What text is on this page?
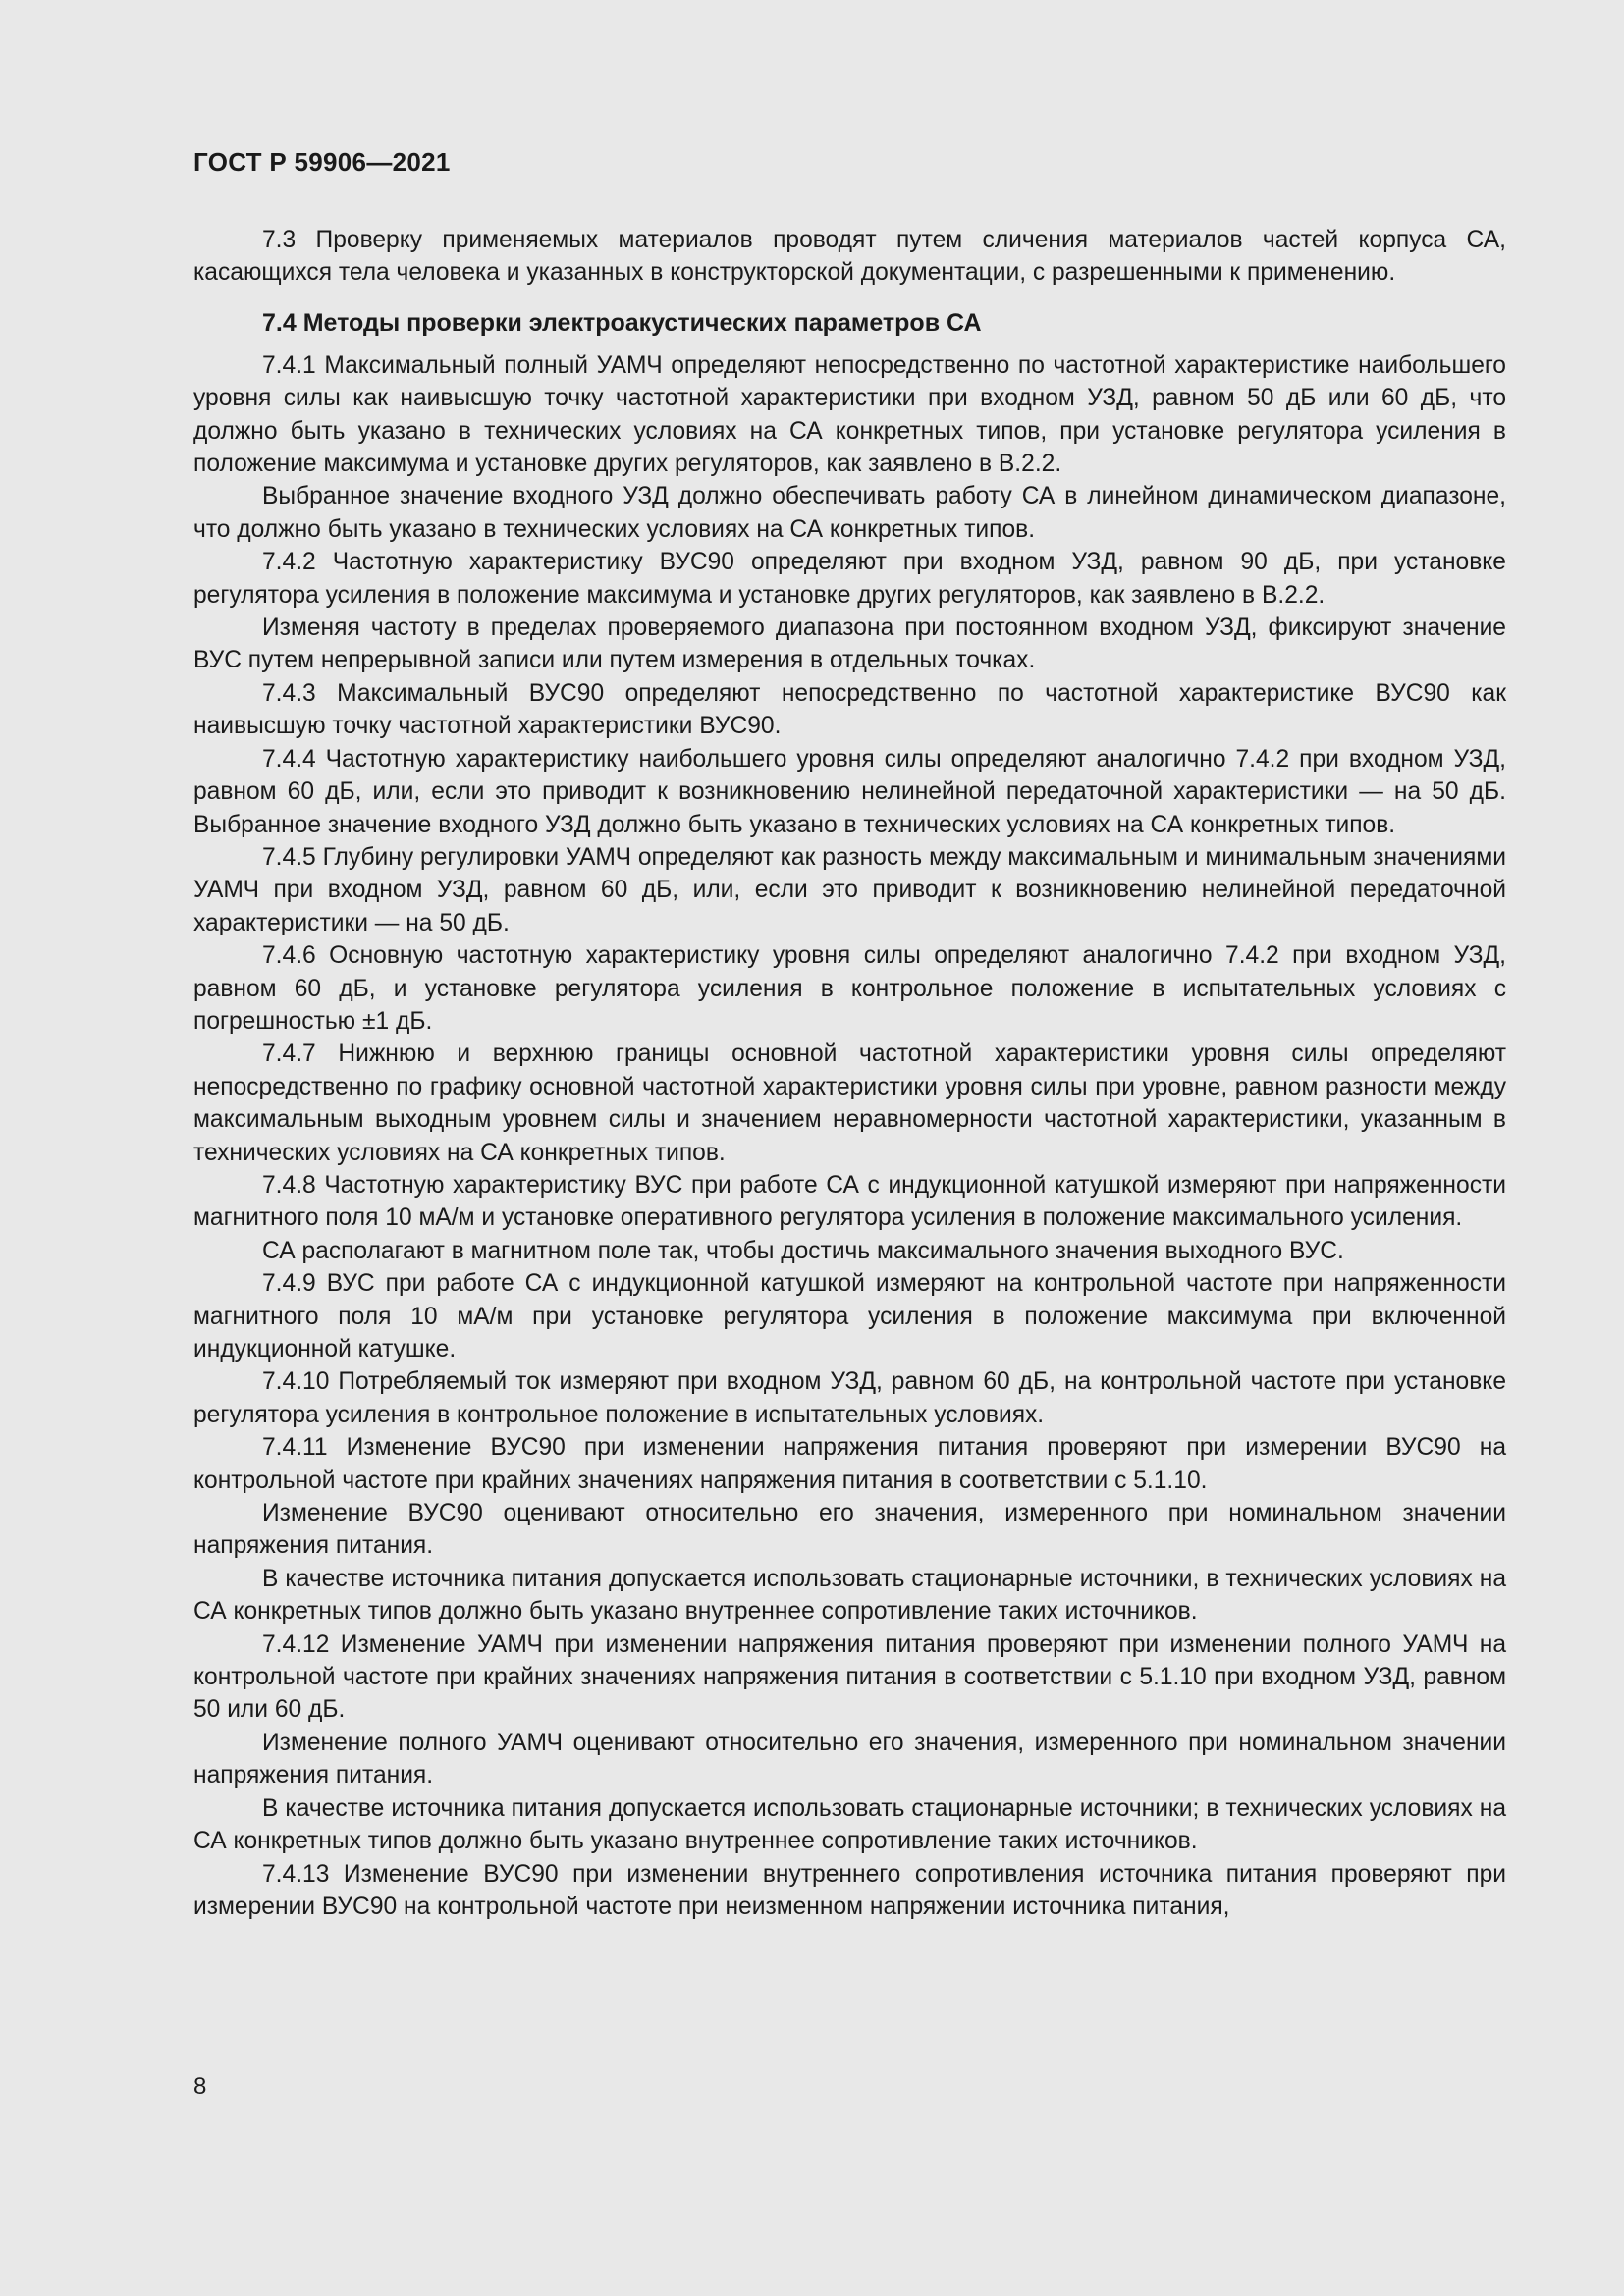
ГОСТ Р 59906—2021

7.3 Проверку применяемых материалов проводят путем сличения материалов частей корпуса СА, касающихся тела человека и указанных в конструкторской документации, с разрешенными к применению.

7.4 Методы проверки электроакустических параметров СА

7.4.1 Максимальный полный УАМЧ определяют непосредственно по частотной характеристике наибольшего уровня силы как наивысшую точку частотной характеристики при входном УЗД, равном 50 дБ или 60 дБ, что должно быть указано в технических условиях на СА конкретных типов, при установке регулятора усиления в положение максимума и установке других регуляторов, как заявлено в В.2.2.

Выбранное значение входного УЗД должно обеспечивать работу СА в линейном динамическом диапазоне, что должно быть указано в технических условиях на СА конкретных типов.

7.4.2 Частотную характеристику ВУС90 определяют при входном УЗД, равном 90 дБ, при установке регулятора усиления в положение максимума и установке других регуляторов, как заявлено в В.2.2.

Изменяя частоту в пределах проверяемого диапазона при постоянном входном УЗД, фиксируют значение ВУС путем непрерывной записи или путем измерения в отдельных точках.

7.4.3 Максимальный ВУС90 определяют непосредственно по частотной характеристике ВУС90 как наивысшую точку частотной характеристики ВУС90.

7.4.4 Частотную характеристику наибольшего уровня силы определяют аналогично 7.4.2 при входном УЗД, равном 60 дБ, или, если это приводит к возникновению нелинейной передаточной характеристики — на 50 дБ. Выбранное значение входного УЗД должно быть указано в технических условиях на СА конкретных типов.

7.4.5 Глубину регулировки УАМЧ определяют как разность между максимальным и минимальным значениями УАМЧ при входном УЗД, равном 60 дБ, или, если это приводит к возникновению нелинейной передаточной характеристики — на 50 дБ.

7.4.6 Основную частотную характеристику уровня силы определяют аналогично 7.4.2 при входном УЗД, равном 60 дБ, и установке регулятора усиления в контрольное положение в испытательных условиях с погрешностью ±1 дБ.

7.4.7 Нижнюю и верхнюю границы основной частотной характеристики уровня силы определяют непосредственно по графику основной частотной характеристики уровня силы при уровне, равном разности между максимальным выходным уровнем силы и значением неравномерности частотной характеристики, указанным в технических условиях на СА конкретных типов.

7.4.8 Частотную характеристику ВУС при работе СА с индукционной катушкой измеряют при напряженности магнитного поля 10 мА/м и установке оперативного регулятора усиления в положение максимального усиления.

СА располагают в магнитном поле так, чтобы достичь максимального значения выходного ВУС.

7.4.9 ВУС при работе СА с индукционной катушкой измеряют на контрольной частоте при напряженности магнитного поля 10 мА/м при установке регулятора усиления в положение максимума при включенной индукционной катушке.

7.4.10 Потребляемый ток измеряют при входном УЗД, равном 60 дБ, на контрольной частоте при установке регулятора усиления в контрольное положение в испытательных условиях.

7.4.11 Изменение ВУС90 при изменении напряжения питания проверяют при измерении ВУС90 на контрольной частоте при крайних значениях напряжения питания в соответствии с 5.1.10.

Изменение ВУС90 оценивают относительно его значения, измеренного при номинальном значении напряжения питания.

В качестве источника питания допускается использовать стационарные источники, в технических условиях на СА конкретных типов должно быть указано внутреннее сопротивление таких источников.

7.4.12 Изменение УАМЧ при изменении напряжения питания проверяют при изменении полного УАМЧ на контрольной частоте при крайних значениях напряжения питания в соответствии с 5.1.10 при входном УЗД, равном 50 или 60 дБ.

Изменение полного УАМЧ оценивают относительно его значения, измеренного при номинальном значении напряжения питания.

В качестве источника питания допускается использовать стационарные источники; в технических условиях на СА конкретных типов должно быть указано внутреннее сопротивление таких источников.

7.4.13 Изменение ВУС90 при изменении внутреннего сопротивления источника питания проверяют при измерении ВУС90 на контрольной частоте при неизменном напряжении источника питания,

8
